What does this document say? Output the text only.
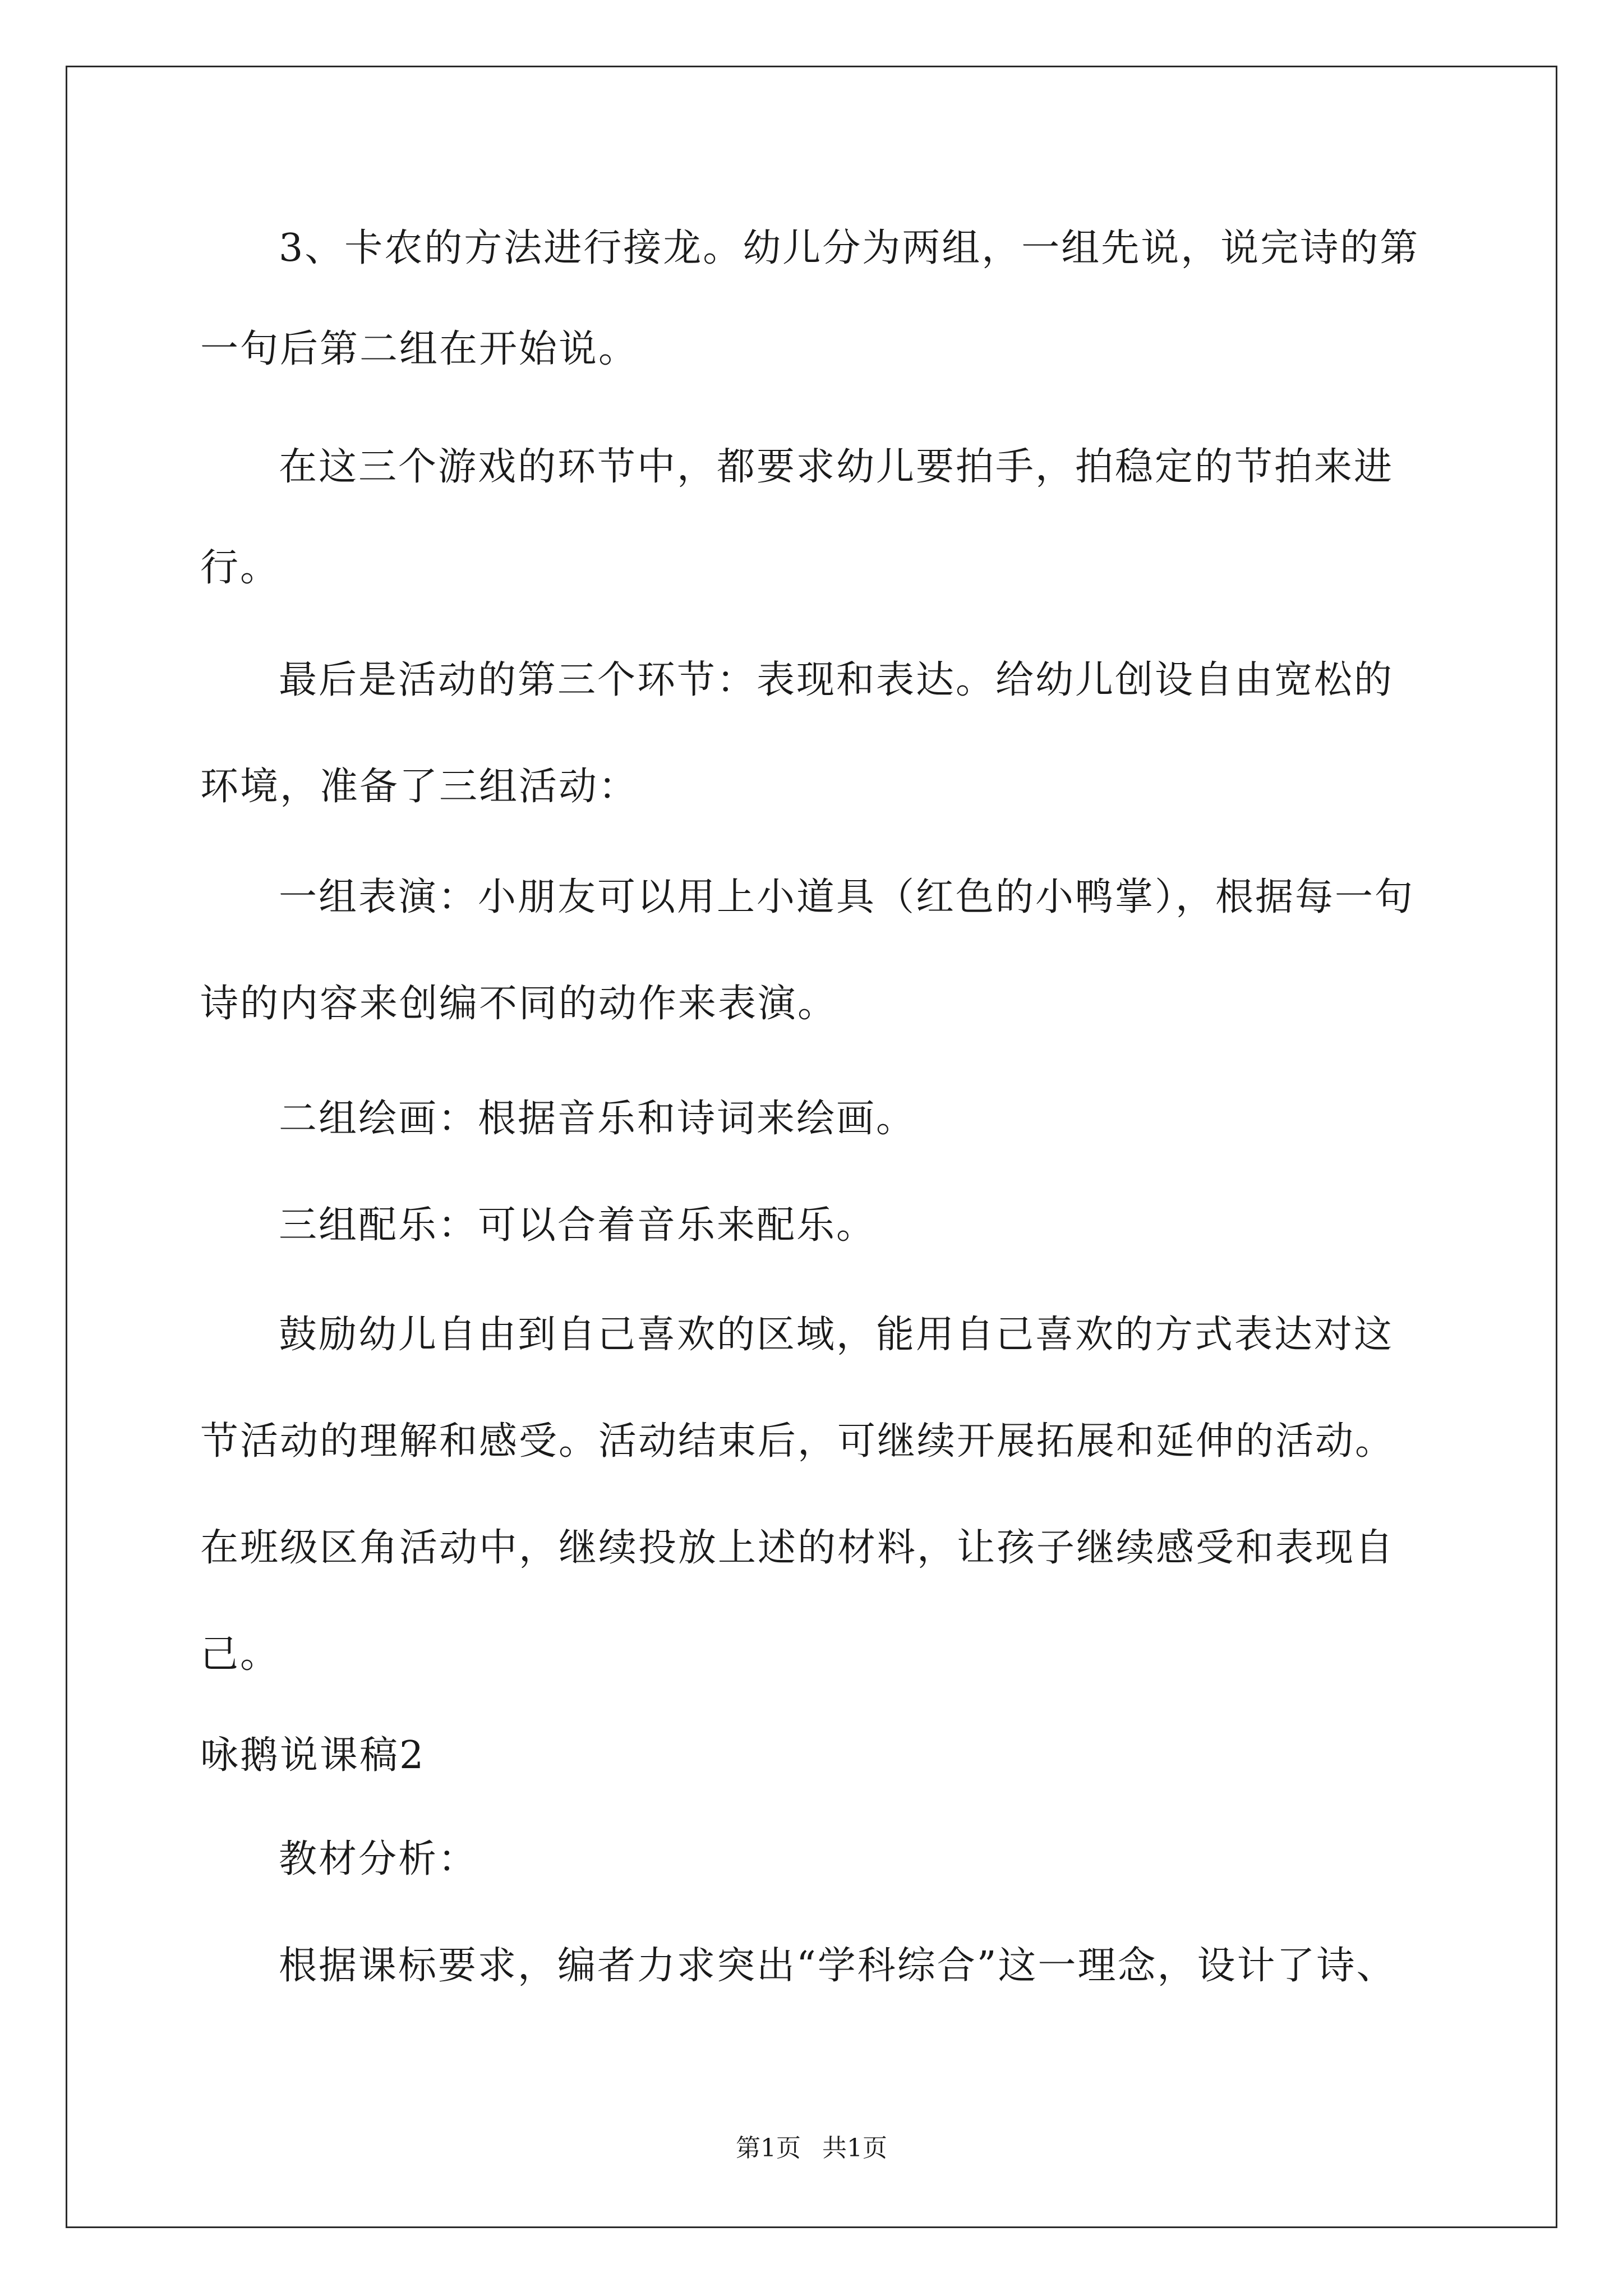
3、卡农的方法进行接龙。幼儿分为两组，一组先说，说完诗的第
一句后第二组在开始说。
在这三个游戏的环节中，都要求幼儿要拍手，拍稳定的节拍来进
行。
最后是活动的第三个环节：表现和表达。给幼儿创设自由宽松的
环境，准备了三组活动：
一组表演：小朋友可以用上小道具（红色的小鸭掌），根据每一句
诗的内容来创编不同的动作来表演。
二组绘画：根据音乐和诗词来绘画。
三组配乐：可以合着音乐来配乐。
鼓励幼儿自由到自己喜欢的区域，能用自己喜欢的方式表达对这
节活动的理解和感受。活动结束后，可继续开展拓展和延伸的活动。
在班级区角活动中，继续投放上述的材料，让孩子继续感受和表现自
己。
咏鹅说课稿2
教材分析：
根据课标要求，编者力求突出“学科综合”这一理念，设计了诗、
第1页 共1页
